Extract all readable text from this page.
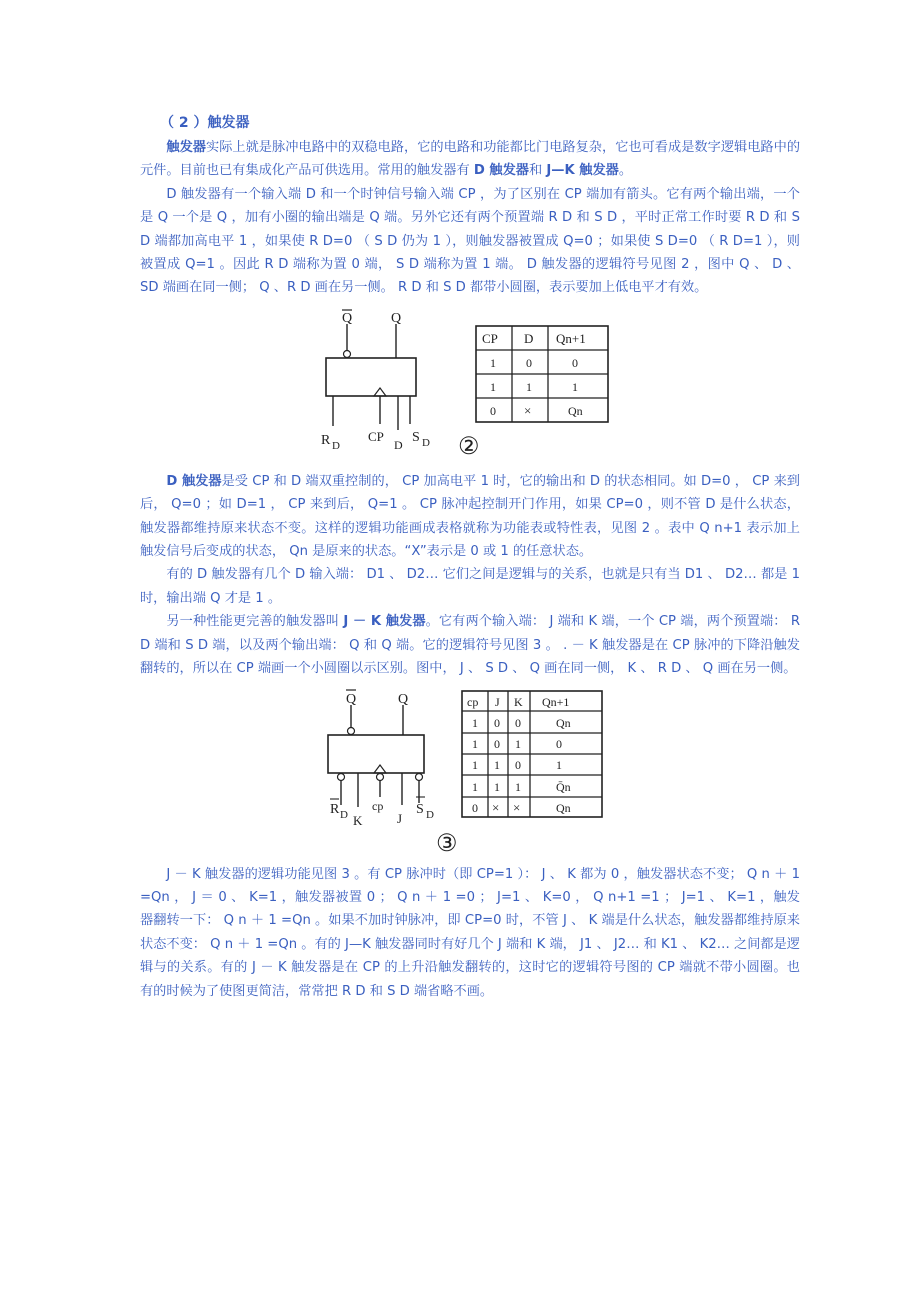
（ 2 ）触发器

触发器实际上就是脉冲电路中的双稳电路，它的电路和功能都比门电路复杂，它也可看成是数字逻辑电路中的元件。目前也已有集成化产品可供选用。常用的触发器有 D 触发器和 J—K 触发器。

D 触发器有一个输入端 D 和一个时钟信号输入端 CP ，为了区别在 CP 端加有箭头。它有两个输出端，一个是 Q 一个是 Q ，加有小圈的输出端是 Q 端。另外它还有两个预置端 R D 和 S D ，平时正常工作时要 R D 和 S D 端都加高电平 1 ，如果使 R D=0 （ S D 仍为 1 ），则触发器被置成 Q=0 ；如果使 S D=0 （ R D=1 ），则被置成 Q=1 。因此 R D 端称为置 0 端， S D 端称为置 1 端。 D 触发器的逻辑符号见图 2 ，图中 Q 、 D 、 SD 端画在同一侧； Q 、R D 画在另一侧。 R D 和 S D 都带小圆圈，表示要加上低电平才有效。

Q	Q
R D
CP
D S D ②
CP D Qn+1
1	0	0
1	1	1
0 ×	Qn

D 触发器是受 CP 和 D 端双重控制的， CP 加高电平 1 时，它的输出和 D 的状态相同。如 D=0 ， CP 来到后， Q=0 ；如 D=1 ， CP 来到后， Q=1 。 CP 脉冲起控制开门作用，如果 CP=0 ，则不管 D 是什么状态，触发器都维持原来状态不变。这样的逻辑功能画成表格就称为功能表或特性表，见图 2 。表中 Q n+1 表示加上触发信号后变成的状态， Qn 是原来的状态。“X”表示是 0 或 1 的任意状态。

有的 D 触发器有几个 D 输入端： D1 、 D2… 它们之间是逻辑与的关系，也就是只有当 D1 、 D2… 都是 1 时，输出端 Q 才是 1 。

另一种性能更完善的触发器叫 J － K 触发器。它有两个输入端： J 端和 K 端，一个 CP 端，两个预置端： R D 端和 S D 端，以及两个输出端： Q 和 Q 端。它的逻辑符号见图 3 。 . － K 触发器是在 CP 脉冲的下降沿触发翻转的，所以在 CP 端画一个小圆圈以示区别。图中， J 、 S D 、 Q 画在同一侧， K 、 R D 、 Q 画在另一侧。

Q	Q
R D K
cp
J
S D
③
cp J K Qn+1
1 0 0	Qn
1 0 1	0
1 1 0	1
1 1 1	Q̄n
0 × ×	Qn

J － K 触发器的逻辑功能见图 3 。有 CP 脉冲时（即 CP=1 ）： J 、 K 都为 0 ，触发器状态不变； Q n ＋ 1 =Qn ， J ＝ 0 、 K=1 ，触发器被置 0 ； Q n ＋ 1 =0 ； J=1 、 K=0 ， Q n+1 =1 ； J=1 、 K=1 ，触发器翻转一下： Q n ＋ 1 =Qn 。如果不加时钟脉冲，即 CP=0 时，不管 J 、 K 端是什么状态，触发器都维持原来状态不变： Q n ＋ 1 =Qn 。有的 J—K 触发器同时有好几个 J 端和 K 端， J1 、 J2… 和 K1 、 K2… 之间都是逻辑与的关系。有的 J － K 触发器是在 CP 的上升沿触发翻转的，这时它的逻辑符号图的 CP 端就不带小圆圈。也有的时候为了使图更简洁，常常把 R D 和 S D 端省略不画。
